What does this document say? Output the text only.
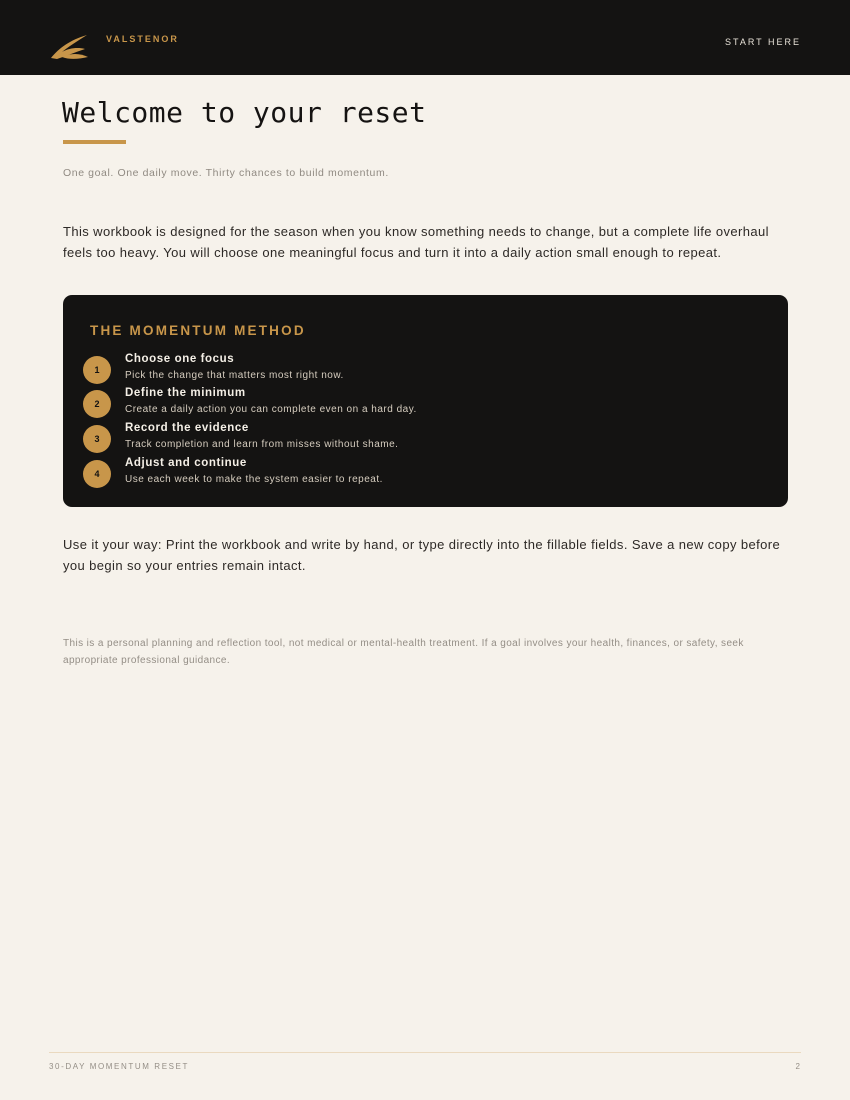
VALSTENOR	START HERE
Welcome to your reset
One goal. One daily move. Thirty chances to build momentum.

This workbook is designed for the season when you know something needs to change, but a complete life overhaul feels too heavy. You will choose one meaningful focus and turn it into a daily action small enough to repeat.

THE MOMENTUM METHOD
1
Choose one focus
Pick the change that matters most right now.
2
Define the minimum
Create a daily action you can complete even on a hard day.
3
Record the evidence
Track completion and learn from misses without shame.
4
Adjust and continue
Use each week to make the system easier to repeat.

Use it your way: Print the workbook and write by hand, or type directly into the fillable fields. Save a new copy before you begin so your entries remain intact.

This is a personal planning and reflection tool, not medical or mental-health treatment. If a goal involves your health, finances, or safety, seek appropriate professional guidance.

30-DAY MOMENTUM RESET	2
